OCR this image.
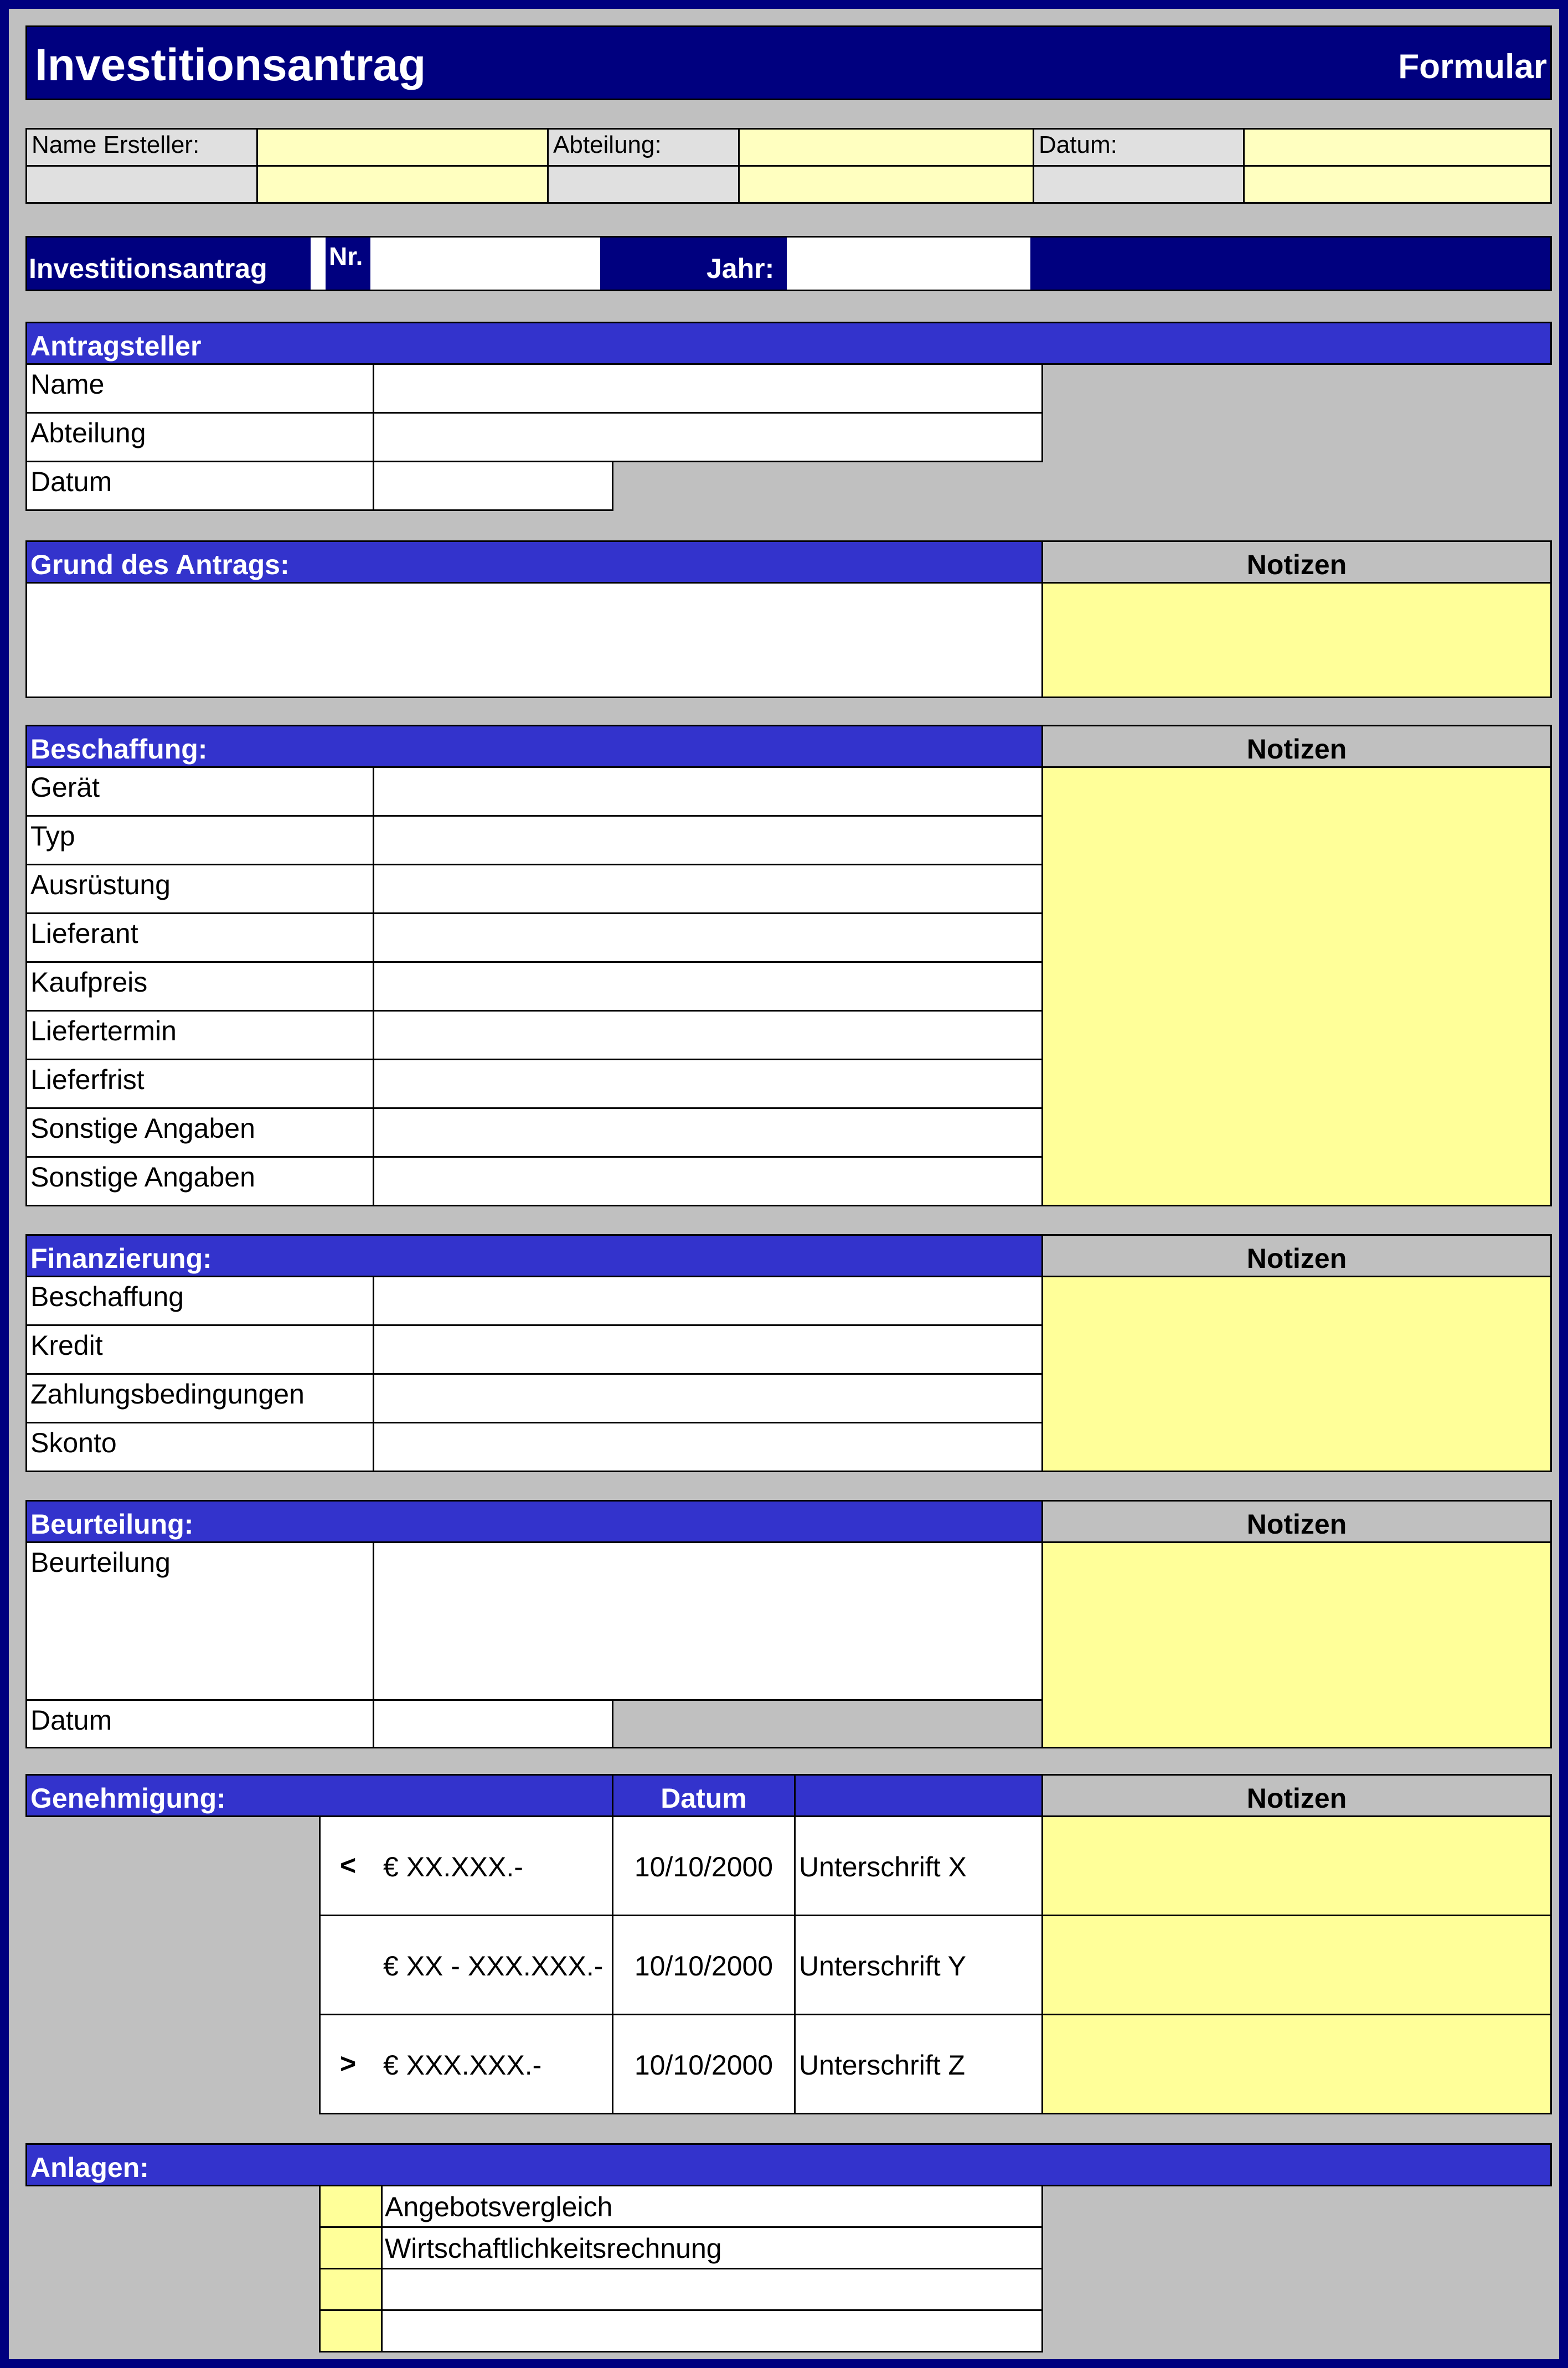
Investitionsantrag	Formular
Name Ersteller:	Abteilung:	Datum:
Investitionsantrag Nr.	Jahr:
Antragsteller
Name
Abteilung
Datum
Grund des Antrags:	Notizen
Beschaffung:	Notizen
Gerät
Typ
Ausrüstung
Lieferant
Kaufpreis
Liefertermin
Lieferfrist
Sonstige Angaben
Sonstige Angaben
Finanzierung:	Notizen
Beschaffung
Kredit
Zahlungsbedingungen
Skonto
Beurteilung:	Notizen
Beurteilung
Datum
Genehmigung:	Datum	Notizen
< € XX.XXX.-	10/10/2000 Unterschrift X
€ XX - XXX.XXX.-	10/10/2000 Unterschrift Y
> € XXX.XXX.-	10/10/2000 Unterschrift Z
Anlagen:
Angebotsvergleich
Wirtschaftlichkeitsrechnung
